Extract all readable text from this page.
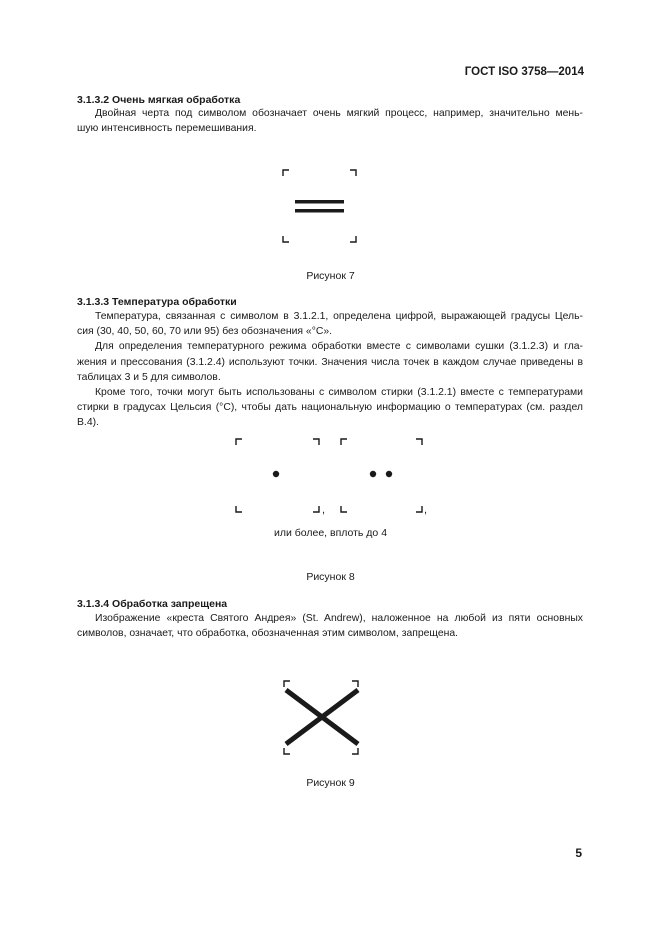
ГОСТ ISO 3758—2014
3.1.3.2 Очень мягкая обработка
Двойная черта под символом обозначает очень мягкий процесс, например, значительно мень-
шую интенсивность перемешивания.
Рисунок 7
3.1.3.3 Температура обработки
Температура, связанная с символом в 3.1.2.1, определена цифрой, выражающей градусы Цель-
сия (30, 40, 50, 60, 70 или 95) без обозначения «°С».
Для определения температурного режима обработки вместе с символами сушки (3.1.2.3) и гла-
жения и прессования (3.1.2.4) используют точки. Значения числа точек в каждом случае приведены в
таблицах 3 и 5 для символов.
Кроме того, точки могут быть использованы с символом стирки (3.1.2.1) вместе с температурами
стирки в градусах Цельсия (°С), чтобы дать национальную информацию о температурах (см. раздел
В.4).
,	,
или более, вплоть до 4
Рисунок 8
3.1.3.4 Обработка запрещена
Изображение «креста Святого Андрея» (St. Andrew), наложенное на любой из пяти основных
символов, означает, что обработка, обозначенная этим символом, запрещена.
Рисунок 9
5
